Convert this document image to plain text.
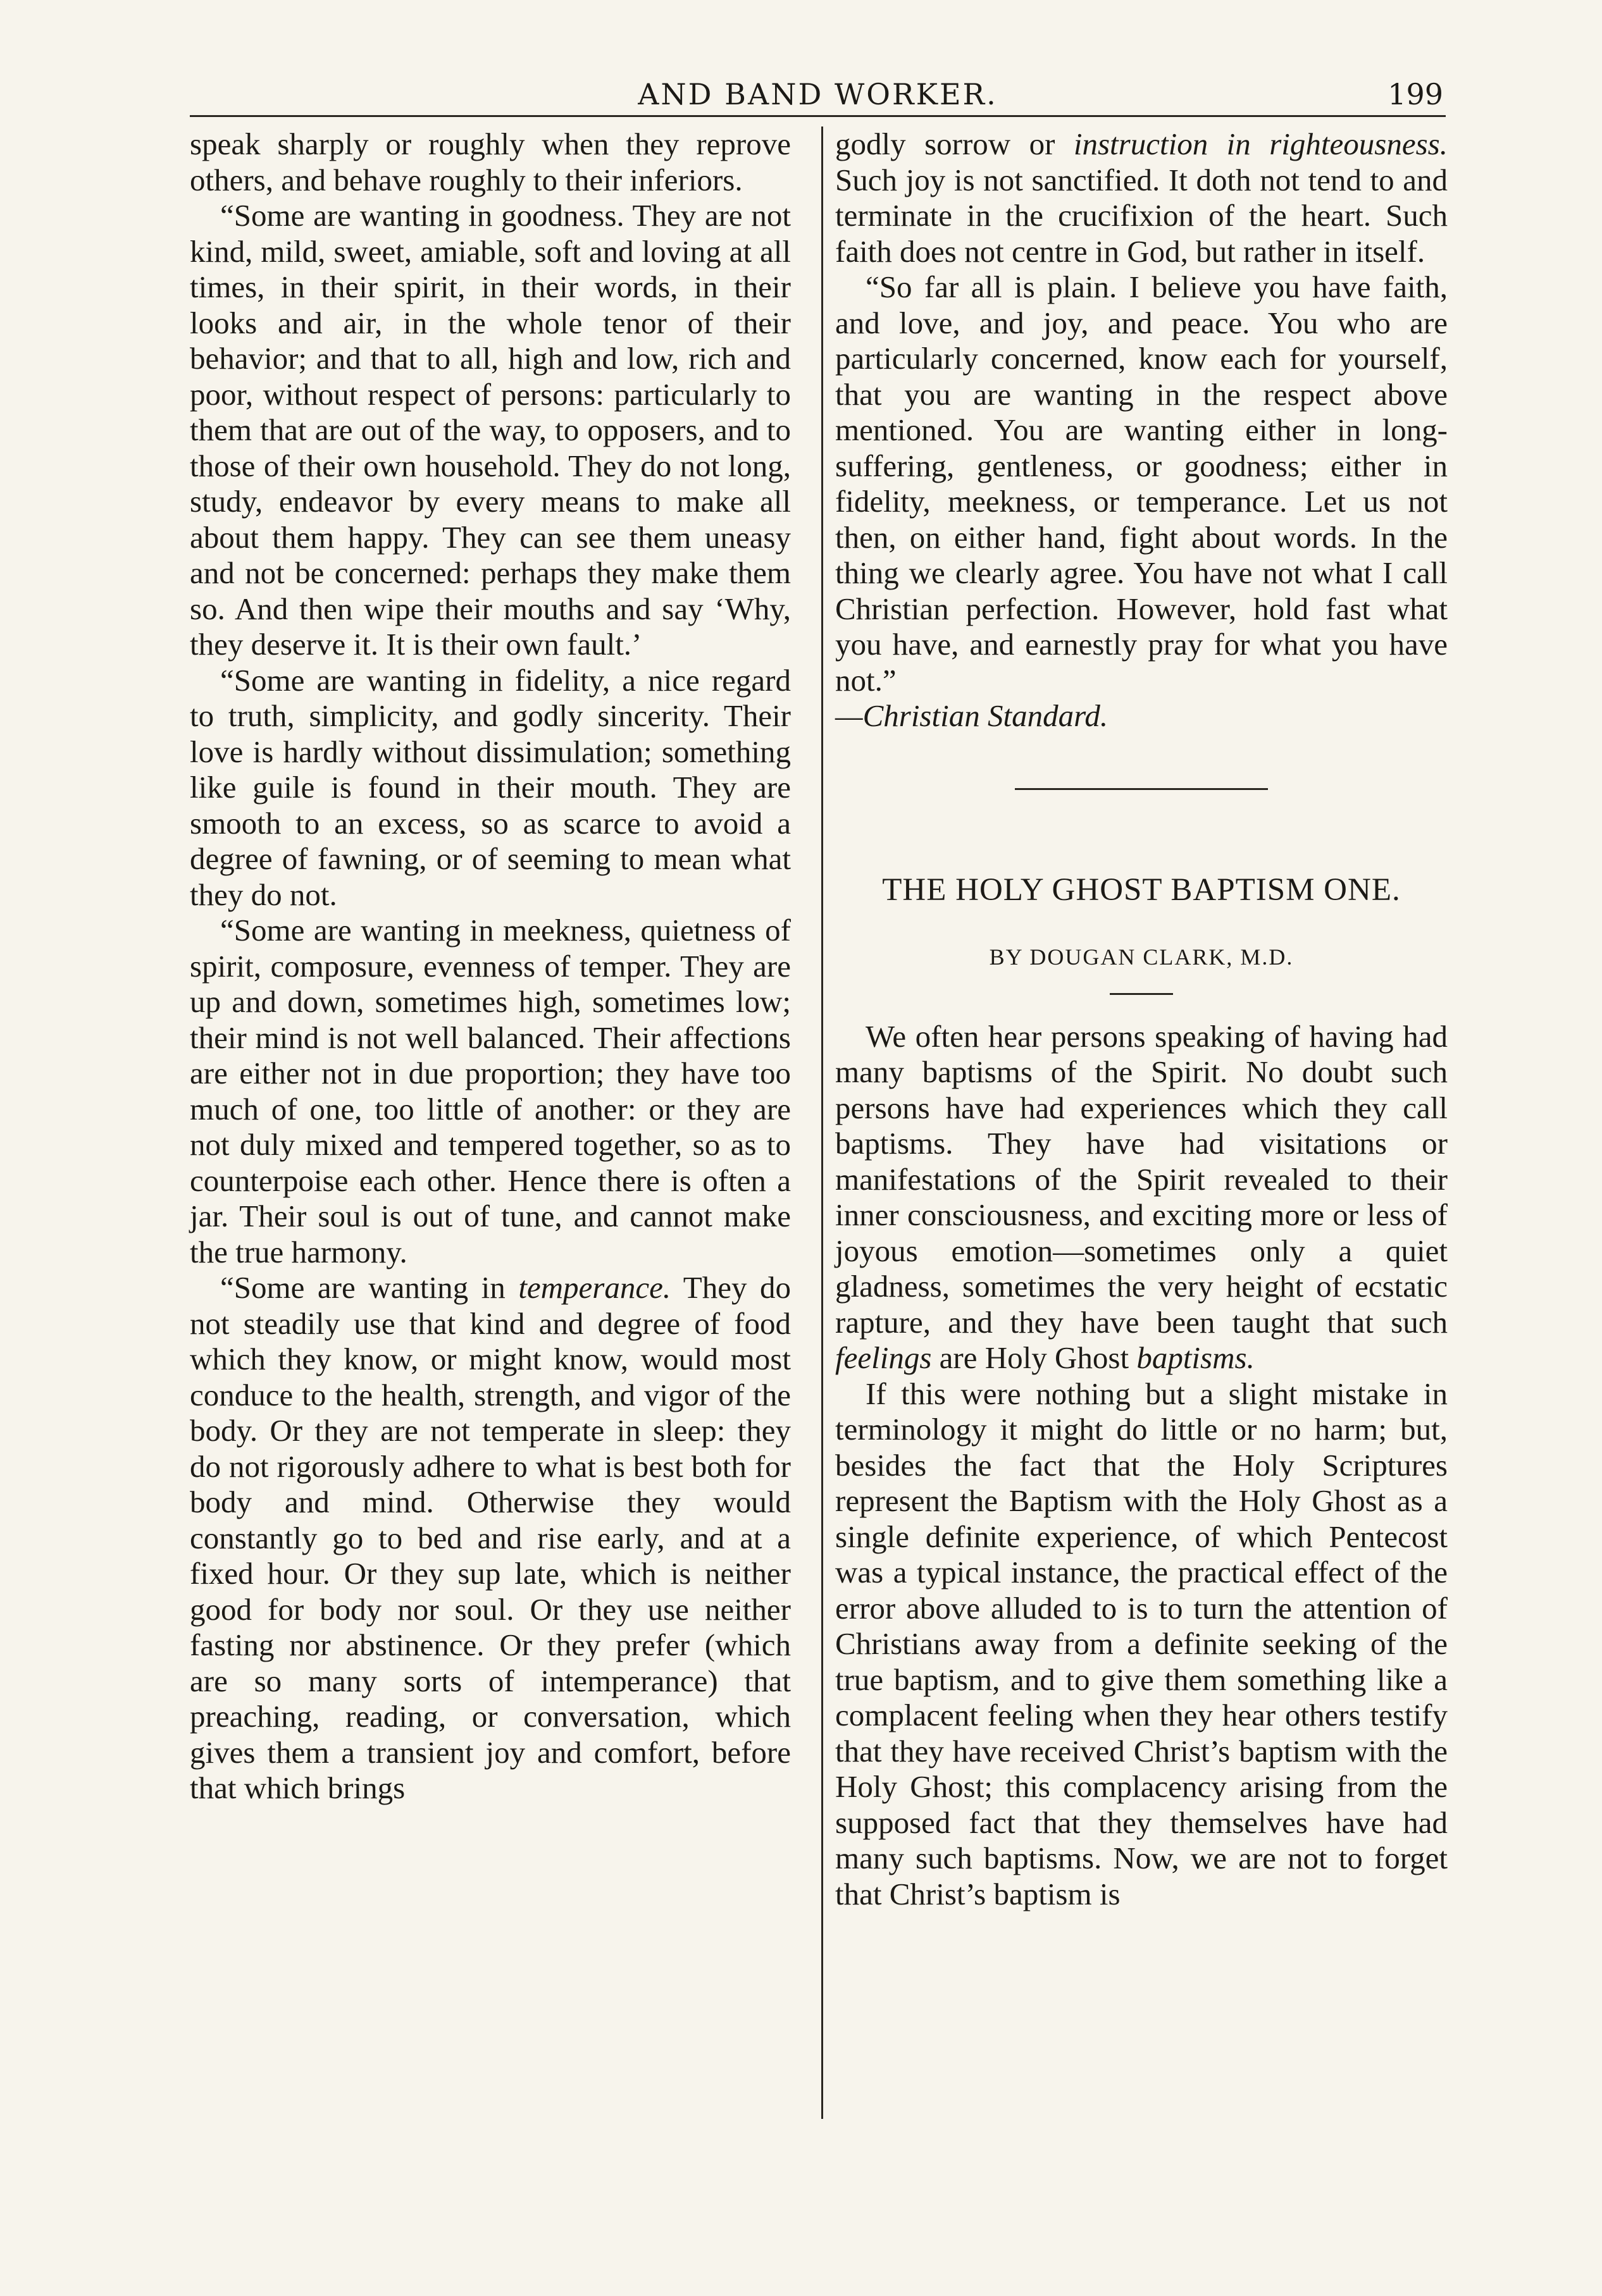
AND BAND WORKER.	199

speak sharply or roughly when they reprove others, and behave roughly to their inferiors.

“Some are wanting in goodness. They are not kind, mild, sweet, amiable, soft and loving at all times, in their spirit, in their words, in their looks and air, in the whole tenor of their behavior; and that to all, high and low, rich and poor, without respect of persons: particularly to them that are out of the way, to opposers, and to those of their own household. They do not long, study, endeavor by every means to make all about them happy. They can see them uneasy and not be concerned: perhaps they make them so. And then wipe their mouths and say ‘Why, they deserve it. It is their own fault.’

“Some are wanting in fidelity, a nice regard to truth, simplicity, and godly sincerity. Their love is hardly without dissimulation; something like guile is found in their mouth. They are smooth to an excess, so as scarce to avoid a degree of fawning, or of seeming to mean what they do not.

“Some are wanting in meekness, quietness of spirit, composure, evenness of temper. They are up and down, sometimes high, sometimes low; their mind is not well balanced. Their affections are either not in due proportion; they have too much of one, too little of another: or they are not duly mixed and tempered together, so as to counterpoise each other. Hence there is often a jar. Their soul is out of tune, and cannot make the true harmony.

“Some are wanting in temperance. They do not steadily use that kind and degree of food which they know, or might know, would most conduce to the health, strength, and vigor of the body. Or they are not temperate in sleep: they do not rigorously adhere to what is best both for body and mind. Otherwise they would constantly go to bed and rise early, and at a fixed hour. Or they sup late, which is neither good for body nor soul. Or they use neither fasting nor abstinence. Or they prefer (which are so many sorts of intemperance) that preaching, reading, or conversation, which gives them a transient joy and comfort, before that which brings

godly sorrow or instruction in righteousness. Such joy is not sanctified. It doth not tend to and terminate in the crucifixion of the heart. Such faith does not centre in God, but rather in itself.

“So far all is plain. I believe you have faith, and love, and joy, and peace. You who are particularly concerned, know each for yourself, that you are wanting in the respect above mentioned. You are wanting either in long-suffering, gentleness, or goodness; either in fidelity, meekness, or temperance. Let us not then, on either hand, fight about words. In the thing we clearly agree. You have not what I call Christian perfection. However, hold fast what you have, and earnestly pray for what you have not.”

—Christian Standard.

THE HOLY GHOST BAPTISM ONE.
BY DOUGAN CLARK, M.D.

We often hear persons speaking of having had many baptisms of the Spirit. No doubt such persons have had experiences which they call baptisms. They have had visitations or manifestations of the Spirit revealed to their inner consciousness, and exciting more or less of joyous emotion—sometimes only a quiet gladness, sometimes the very height of ecstatic rapture, and they have been taught that such feelings are Holy Ghost baptisms.

If this were nothing but a slight mistake in terminology it might do little or no harm; but, besides the fact that the Holy Scriptures represent the Baptism with the Holy Ghost as a single definite experience, of which Pentecost was a typical instance, the practical effect of the error above alluded to is to turn the attention of Christians away from a definite seeking of the true baptism, and to give them something like a complacent feeling when they hear others testify that they have received Christ’s baptism with the Holy Ghost; this complacency arising from the supposed fact that they themselves have had many such baptisms. Now, we are not to forget that Christ’s baptism is
